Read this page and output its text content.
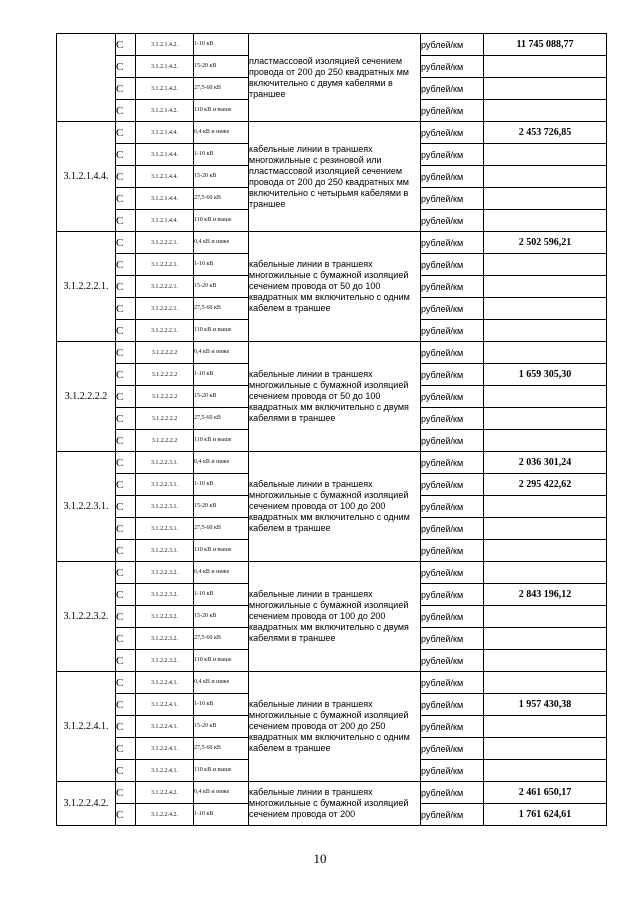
	С	3.1.2.1.4.2.	1-10 кВ	пластмассовой изоляцией сечением провода от 200 до 250 квадратных мм включительно с двумя кабелями в траншее	рублей/км	11 745 088,77
	С	3.1.2.1.4.2.	15-20 кВ		рублей/км	
	С	3.1.2.1.4.2.	27,5-60 кВ		рублей/км	
	С	3.1.2.1.4.2.	110 кВ и выше		рублей/км	
3.1.2.1.4.4.	С	3.1.2.1.4.4.	0,4 кВ и ниже	кабельные линии в траншеях многожильные с резиновой или пластмассовой изоляцией сечением провода от 200 до 250 квадратных мм включительно с четырьмя кабелями в траншее	рублей/км	2 453 726,85
	С	3.1.2.1.4.4.	1-10 кВ		рублей/км	
	С	3.1.2.1.4.4.	15-20 кВ		рублей/км	
	С	3.1.2.1.4.4.	27,5-60 кВ		рублей/км	
	С	3.1.2.1.4.4.	110 кВ и выше		рублей/км	
3.1.2.2.2.1.	С	3.1.2.2.2.1.	0,4 кВ и ниже	кабельные линии в траншеях многожильные с бумажной изоляцией сечением провода от 50 до 100 квадратных мм включительно с одним кабелем в траншее	рублей/км	2 502 596,21
	С	3.1.2.2.2.1.	1-10 кВ		рублей/км	
	С	3.1.2.2.2.1.	15-20 кВ		рублей/км	
	С	3.1.2.2.2.1.	27,5-60 кВ		рублей/км	
	С	3.1.2.2.2.1.	110 кВ и выше		рублей/км	
3.1.2.2.2.2	С	3.1.2.2.2.2	0,4 кВ и ниже	кабельные линии в траншеях многожильные с бумажной изоляцией сечением провода от 50 до 100 квадратных мм включительно с двумя кабелями в траншее	рублей/км	
	С	3.1.2.2.2.2	1-10 кВ		рублей/км	1 659 305,30
	С	3.1.2.2.2.2	15-20 кВ		рублей/км	
	С	3.1.2.2.2.2	27,5-60 кВ		рублей/км	
	С	3.1.2.2.2.2	110 кВ и выше		рублей/км	
3.1.2.2.3.1.	С	3.1.2.2.3.1.	0,4 кВ и ниже	кабельные линии в траншеях многожильные с бумажной изоляцией сечением провода от 100 до 200 квадратных мм включительно с одним кабелем в траншее	рублей/км	2 036 301,24
	С	3.1.2.2.3.1.	1-10 кВ		рублей/км	2 295 422,62
	С	3.1.2.2.3.1.	15-20 кВ		рублей/км	
	С	3.1.2.2.3.1.	27,5-60 кВ		рублей/км	
	С	3.1.2.2.3.1.	110 кВ и выше		рублей/км	
3.1.2.2.3.2.	С	3.1.2.2.3.2.	0,4 кВ и ниже	кабельные линии в траншеях многожильные с бумажной изоляцией сечением провода от 100 до 200 квадратных мм включительно с двумя кабелями в траншее	рублей/км	
	С	3.1.2.2.3.2.	1-10 кВ		рублей/км	2 843 196,12
	С	3.1.2.2.3.2.	15-20 кВ		рублей/км	
	С	3.1.2.2.3.2.	27,5-60 кВ		рублей/км	
	С	3.1.2.2.3.2.	110 кВ и выше		рублей/км	
3.1.2.2.4.1.	С	3.1.2.2.4.1.	0,4 кВ и ниже	кабельные линии в траншеях многожильные с бумажной изоляцией сечением провода от 200 до 250 квадратных мм включительно с одним кабелем в траншее	рублей/км	
	С	3.1.2.2.4.1.	1-10 кВ		рублей/км	1 957 430,38
	С	3.1.2.2.4.1.	15-20 кВ		рублей/км	
	С	3.1.2.2.4.1.	27,5-60 кВ		рублей/км	
	С	3.1.2.2.4.1.	110 кВ и выше		рублей/км	
3.1.2.2.4.2.	С	3.1.2.2.4.2.	0,4 кВ и ниже	кабельные линии в траншеях многожильные с бумажной изоляцией сечением провода от 200	рублей/км	2 461 650,17
	С	3.1.2.2.4.2.	1-10 кВ		рублей/км	1 761 624,61
10
